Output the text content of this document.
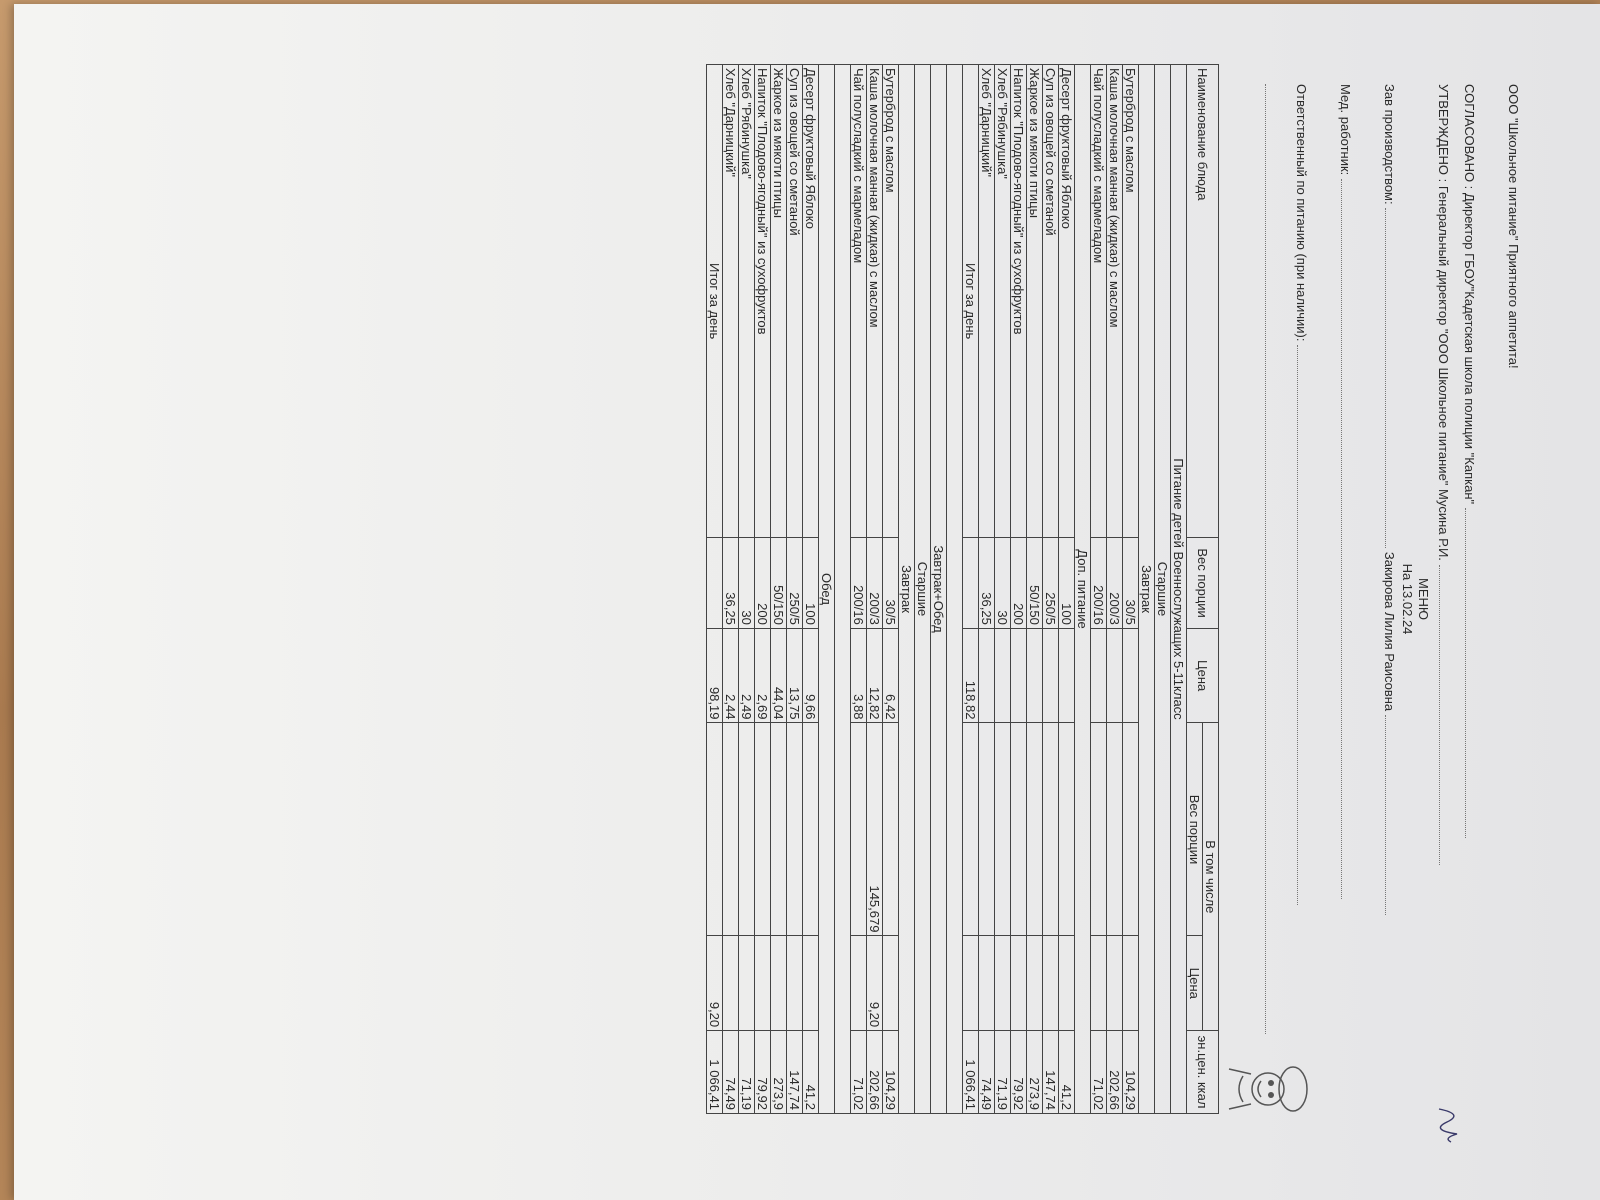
ООО "Школьное питание" Приятного аппетита!
СОГЛАСОВАНО : Директор ГБОУ"Кадетская школа полиции "Капкан"
УТВЕРЖДЕНО : Генеральный директор "ООО Школьное питание" Мусина Р.И.
МЕНЮ
На 13.02.24
Зав производством:  Закирова Лилия Раисовна
Мед. работник:
Ответственный по питанию (при наличии):
Наименование блюда	Вес порции	Цена	В том числе		эн.цен. ккал
			Вес порции	Цена	
Питание детей Военнослужащих 5-11класс					
Старшие					
Завтрак					
Бутерброд с маслом	30/5				104,29
Каша молочная манная (жидкая) с маслом	200/3				202,66
Чай полусладкий с мармеладом	200/16				71,02
Доп. питание					
Десерт фруктовый Яблоко	100				41,2
Суп из овощей со сметаной	250/5				147,74
Жаркое из мякоти птицы	50/150				273,9
Напиток "Плодово-ягодный" из сухофруктов	200				79,92
Хлеб "Рябинушка"	30				71,19
Хлеб "Дарницкий"	36,25				74,49
Итог за день		118,82			1 066,41

Завтрак+Обед					
Старшие					
Завтрак					
Бутерброд с маслом	30/5	6,42			104,29
Каша молочная манная (жидкая) с маслом	200/3	12,82	145,679	9,20	202,66
Чай полусладкий с мармеладом	200/16	3,88			71,02

Обед					
Десерт фруктовый Яблоко	100	9,66			41,2
Суп из овощей со сметаной	250/5	13,75			147,74
Жаркое из мякоти птицы	50/150	44,04			273,9
Напиток "Плодово-ягодный" из сухофруктов	200	2,69			79,92
Хлеб "Рябинушка"	30	2,49			71,19
Хлеб "Дарницкий"	36,25	2,44			74,49
Итог за день		98,19		9,20	1 066,41
